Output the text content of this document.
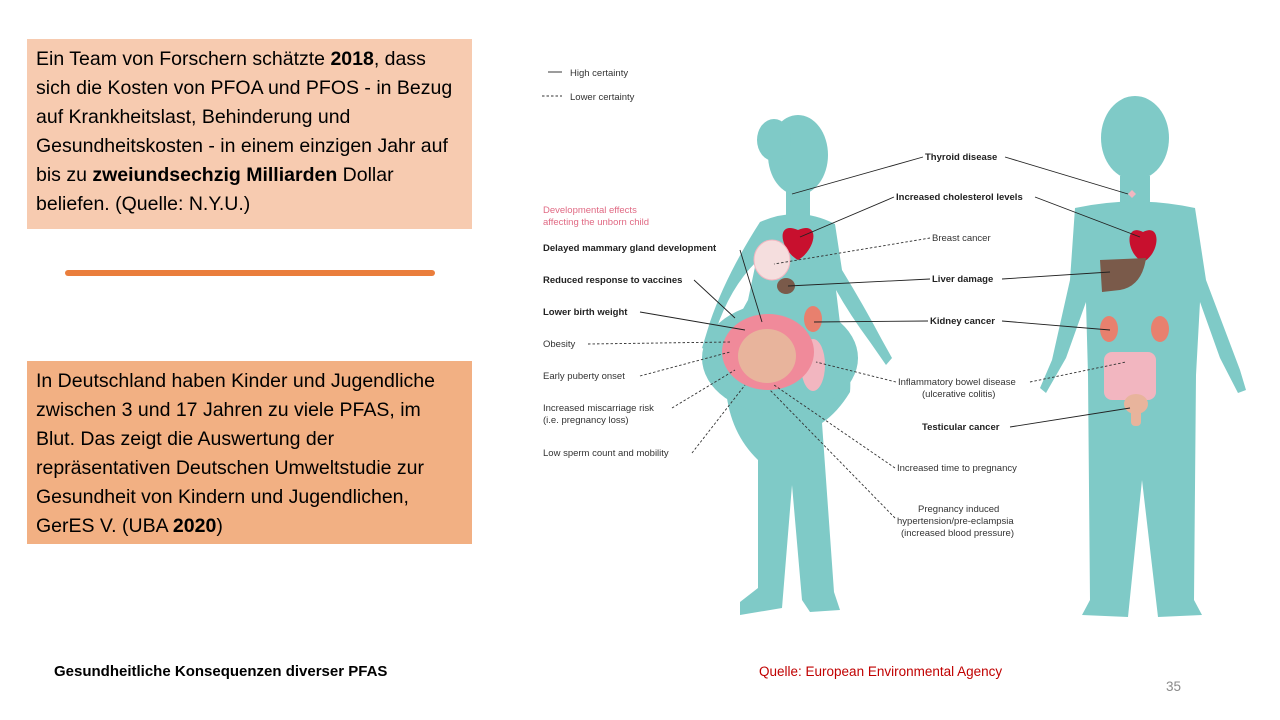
Ein Team von Forschern schätzte 2018, dass sich die Kosten von PFOA und PFOS - in Bezug auf Krankheitslast, Behinderung und Gesundheitskosten - in einem einzigen Jahr auf bis zu zweiundsechzig Milliarden Dollar beliefen. (Quelle: N.Y.U.)
In Deutschland haben Kinder und Jugendliche zwischen 3 und 17 Jahren zu viele PFAS, im Blut. Das zeigt die Auswertung der repräsentativen Deutschen Umweltstudie zur Gesundheit von Kindern und Jugendlichen, GerES V. (UBA 2020)
Gesundheitliche Konsequenzen diverser PFAS	Quelle: European Environmental Agency
35
High certainty
Lower certainty
Developmental effects
affecting the unborn child
Delayed mammary gland development
Reduced response to vaccines
Lower birth weight
Obesity
Early puberty onset
Increased miscarriage risk
(i.e. pregnancy loss)
Low sperm count and mobility
Thyroid disease
Increased cholesterol levels
Breast cancer
Liver damage
Kidney cancer
Inflammatory bowel disease
(ulcerative colitis)
Testicular cancer
Increased time to pregnancy
Pregnancy induced
hypertension/pre-eclampsia
(increased blood pressure)
